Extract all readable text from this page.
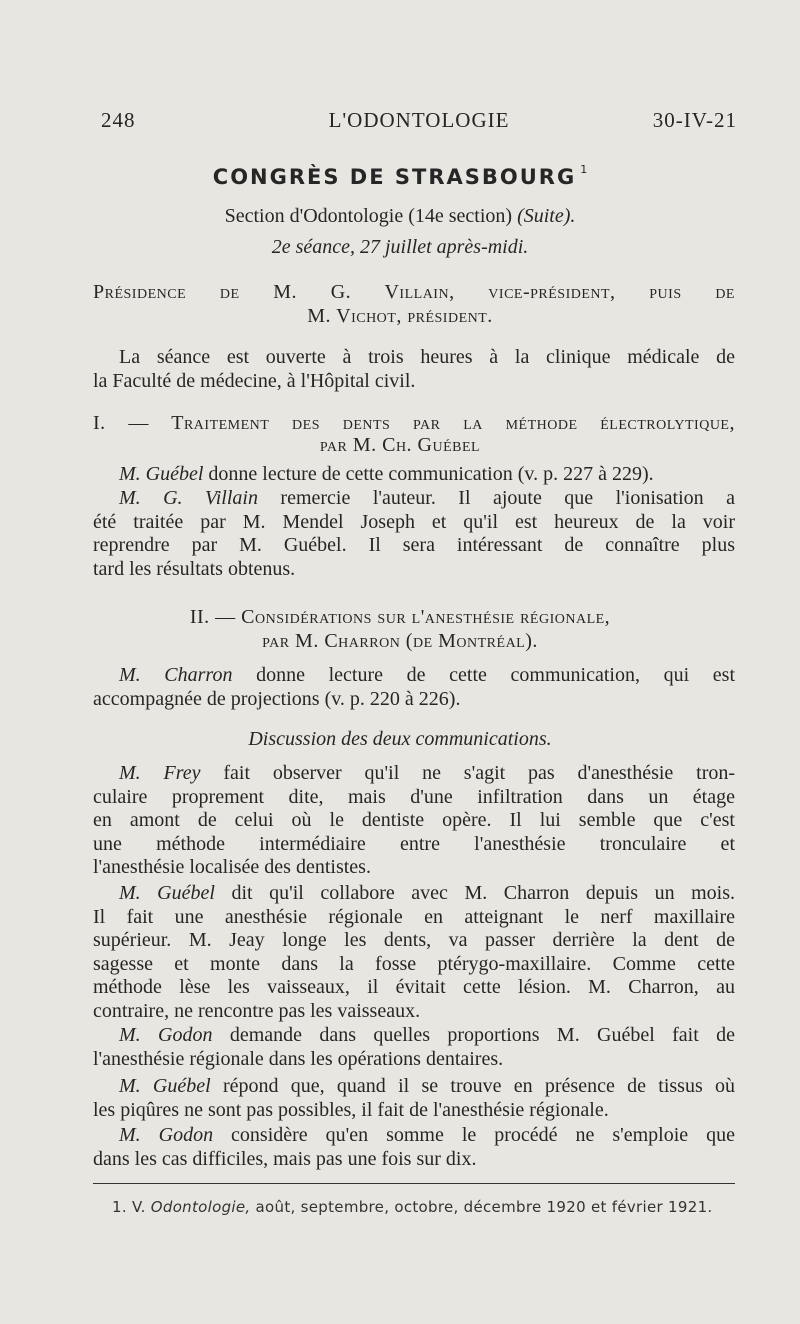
248	L'ODONTOLOGIE	30-IV-21
CONGRÈS DE STRASBOURG $^1$
Section d'Odontologie (14e section) (Suite).
2e séance, 27 juillet après-midi.
Présidence de M. G. Villain, vice-président, puis de
M. Vichot, président.
La séance est ouverte à trois heures à la clinique médicale de
la Faculté de médecine, à l'Hôpital civil.
I. — Traitement des dents par la méthode électrolytique,
par M. Ch. Guébel
M. Guébel donne lecture de cette communication (v. p. 227 à 229).
M. G. Villain remercie l'auteur. Il ajoute que l'ionisation a
été traitée par M. Mendel Joseph et qu'il est heureux de la voir
reprendre par M. Guébel. Il sera intéressant de connaître plus
tard les résultats obtenus.
II. — Considérations sur l'anesthésie régionale,
par M. Charron (de Montréal).
M. Charron donne lecture de cette communication, qui est
accompagnée de projections (v. p. 220 à 226).
Discussion des deux communications.
M. Frey fait observer qu'il ne s'agit pas d'anesthésie tron-
culaire proprement dite, mais d'une infiltration dans un étage
en amont de celui où le dentiste opère. Il lui semble que c'est
une méthode intermédiaire entre l'anesthésie tronculaire et
l'anesthésie localisée des dentistes.
M. Guébel dit qu'il collabore avec M. Charron depuis un mois.
Il fait une anesthésie régionale en atteignant le nerf maxillaire
supérieur. M. Jeay longe les dents, va passer derrière la dent de
sagesse et monte dans la fosse ptérygo-maxillaire. Comme cette
méthode lèse les vaisseaux, il évitait cette lésion. M. Charron, au
contraire, ne rencontre pas les vaisseaux.
M. Godon demande dans quelles proportions M. Guébel fait de
l'anesthésie régionale dans les opérations dentaires.
M. Guébel répond que, quand il se trouve en présence de tissus où
les piqûres ne sont pas possibles, il fait de l'anesthésie régionale.
M. Godon considère qu'en somme le procédé ne s'emploie que
dans les cas difficiles, mais pas une fois sur dix.
1. V. Odontologie, août, septembre, octobre, décembre 1920 et février 1921.
